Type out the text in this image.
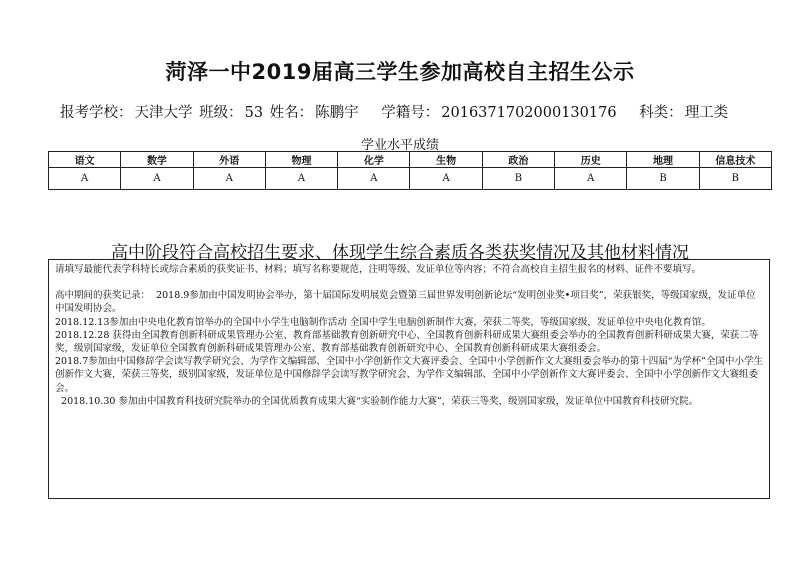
菏泽一中2019届高三学生参加高校自主招生公示
报考学校： 天津大学 班级： 53 姓名： 陈鹏宇 学籍号： 2016371702000130176 科类： 理工类
学业水平成绩
语文	数学	外语	物理	化学	生物	政治	历史	地理	信息技术
A	A	A	A	A	A	B	A	B	B
高中阶段符合高校招生要求、体现学生综合素质各类获奖情况及其他材料情况

请填写最能代表学科特长或综合素质的获奖证书、材料；填写名称要规范，注明等级、发证单位等内容；不符合高校自主招生报名的材料、证件不要填写。

高中期间的获奖记录： 2018.9参加由中国发明协会举办，第十届国际发明展览会暨第三届世界发明创新论坛“发明创业奖•项目奖”，荣获银奖，等级国家级，发证单位中国发明协会。

2018.12.13参加由中央电化教育馆举办的全国中小学生电脑制作活动 全国中学生电脑创新制作大赛，荣获二等奖，等级国家级，发证单位中央电化教育馆。

2018.12.28 获得由全国教育创新科研成果管理办公室、教育部基础教育创新研究中心、全国教育创新科研成果大赛组委会举办的全国教育创新科研成果大赛，荣获二等奖，级别国家级，发证单位全国教育创新科研成果管理办公室、教育部基础教育创新研究中心、全国教育创新科研成果大赛组委会。

2018.7参加由中国修辞学会读写教学研究会、为学作文编辑部、全国中小学创新作文大赛评委会、全国中小学创新作文大赛组委会举办的第十四届“为学杯”全国中小学生创新作文大赛，荣获三等奖，级别国家级，发证单位是中国修辞学会读写教学研究会、为学作文编辑部、全国中小学创新作文大赛评委会、全国中小学创新作文大赛组委会。

2018.10.30 参加由中国教育科技研究院举办的全国优质教育成果大赛“实验制作能力大赛”，荣获三等奖，级别国家级，发证单位中国教育科技研究院。
